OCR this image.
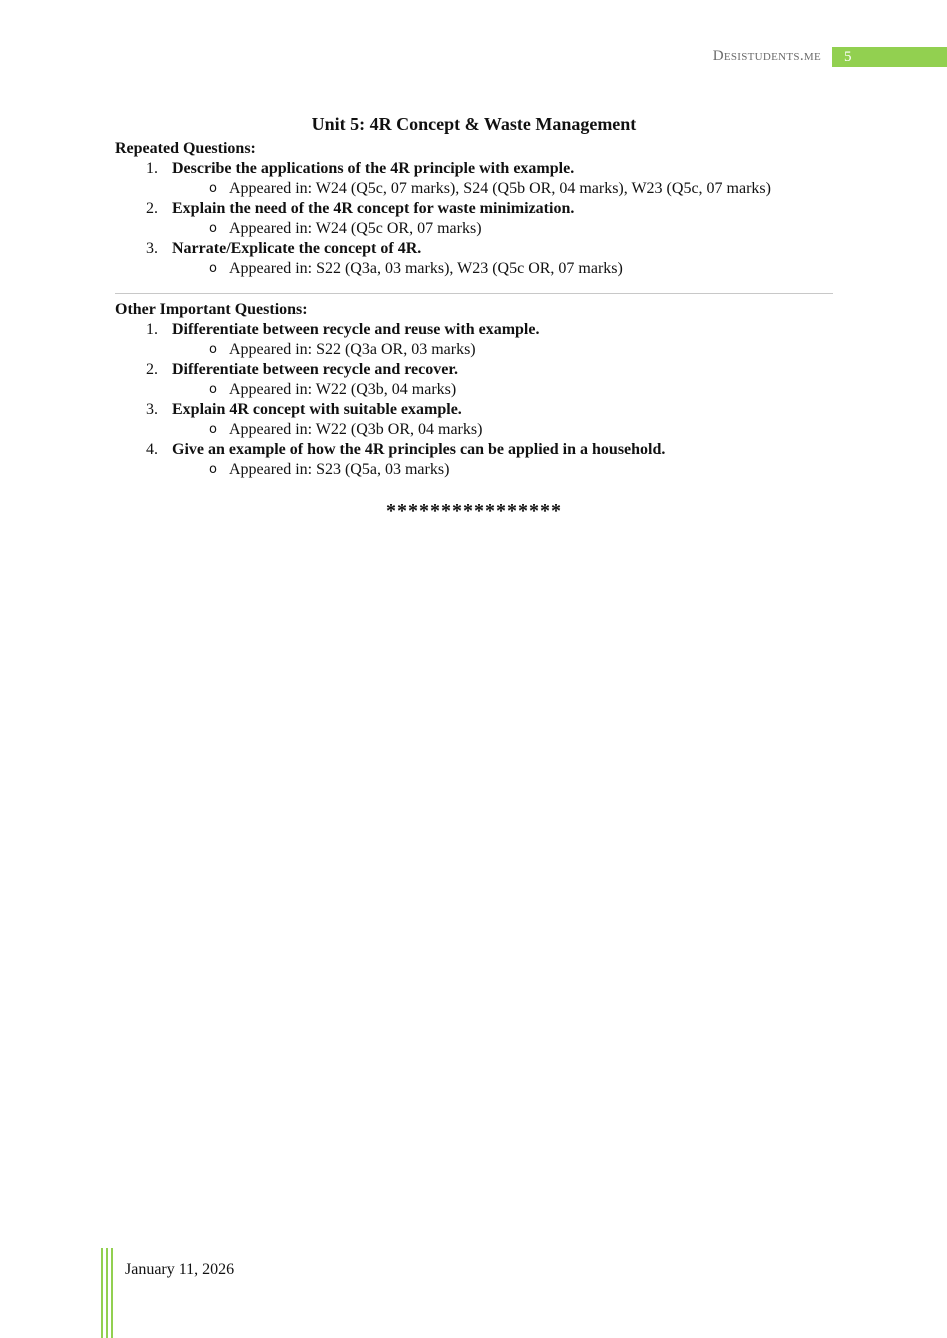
Desistudents.me	5
Unit 5: 4R Concept & Waste Management
Repeated Questions:
1. Describe the applications of the 4R principle with example.
o Appeared in: W24 (Q5c, 07 marks), S24 (Q5b OR, 04 marks), W23 (Q5c, 07 marks)
2. Explain the need of the 4R concept for waste minimization.
o Appeared in: W24 (Q5c OR, 07 marks)
3. Narrate/Explicate the concept of 4R.
o Appeared in: S22 (Q3a, 03 marks), W23 (Q5c OR, 07 marks)
Other Important Questions:
1. Differentiate between recycle and reuse with example.
o Appeared in: S22 (Q3a OR, 03 marks)
2. Differentiate between recycle and recover.
o Appeared in: W22 (Q3b, 04 marks)
3. Explain 4R concept with suitable example.
o Appeared in: W22 (Q3b OR, 04 marks)
4. Give an example of how the 4R principles can be applied in a household.
o Appeared in: S23 (Q5a, 03 marks)
****************
January 11, 2026
